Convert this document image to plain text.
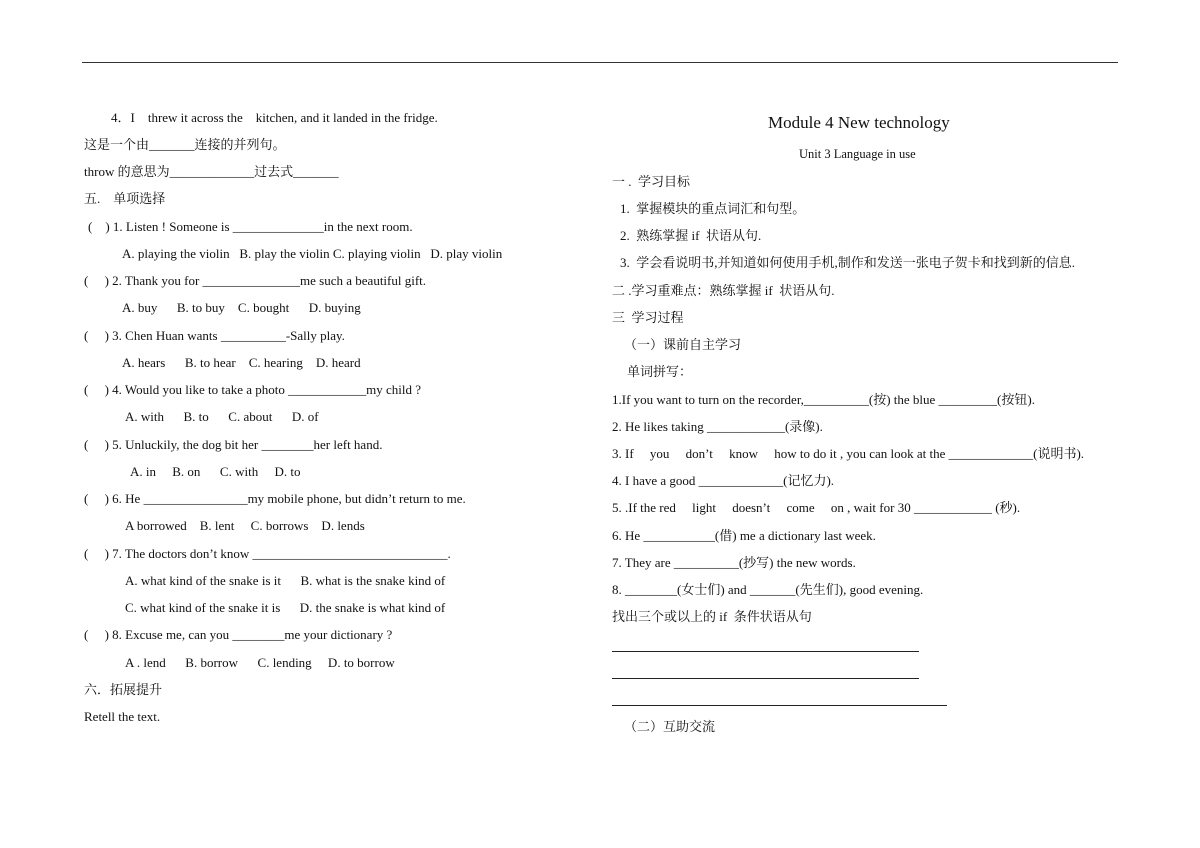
4．I    threw it across the    kitchen, and it landed in the fridge.
这是一个由_______连接的并列句。
throw 的意思为_____________过去式_______
五.    单项选择
(    ) 1. Listen ! Someone is ______________in the next room.
A. playing the violin   B. play the violin C. playing violin   D. play violin
(     ) 2. Thank you for _______________me such a beautiful gift.
A. buy      B. to buy    C. bought      D. buying
(     ) 3. Chen Huan wants __________-Sally play.
A. hears      B. to hear    C. hearing    D. heard
(     ) 4. Would you like to take a photo ____________my child ?
A. with      B. to      C. about      D. of
(     ) 5. Unluckily, the dog bit her ________her left hand.
A. in     B. on      C. with     D. to
(     ) 6. He ________________my mobile phone, but didn’t return to me.
A borrowed    B. lent     C. borrows    D. lends
(     ) 7. The doctors don’t know ______________________________.
A. what kind of the snake is it      B. what is the snake kind of
C. what kind of the snake it is      D. the snake is what kind of
(     ) 8. Excuse me, can you ________me your dictionary ?
A . lend      B. borrow      C. lending     D. to borrow
六．拓展提升
Retell the text.
Module 4 New technology
Unit 3 Language in use
一 .  学习目标
1.  掌握模块的重点词汇和句型。
2.  熟练掌握 if  状语从句.
3.  学会看说明书,并知道如何使用手机,制作和发送一张电子贺卡和找到新的信息.
二 .学习重难点：熟练掌握 if  状语从句.
三  学习过程
（一）课前自主学习
单词拼写：
1.If you want to turn on the recorder,__________(按) the blue _________(按钮).
2. He likes taking ____________(录像).
3. If     you     don’t     know     how to do it , you can look at the _____________(说明书).
4. I have a good _____________(记忆力).
5. .If the red     light     doesn’t     come     on , wait for 30 ____________ (秒).
6. He ___________(借) me a dictionary last week.
7. They are __________(抄写) the new words.
8. ________(女士们) and _______(先生们), good evening.
找出三个或以上的 if  条件状语从句
（二）互助交流
